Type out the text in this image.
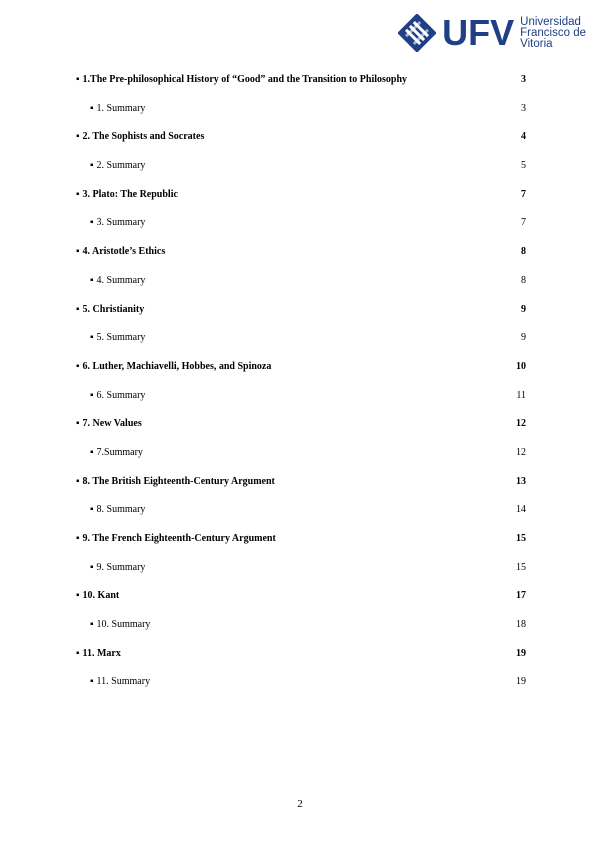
UFV Universidad
Francisco de
Vitoria
▪ 1.The Pre-philosophical History of “Good” and the Transition to Philosophy	3
▪ 1. Summary	3
▪ 2. The Sophists and Socrates	4
▪ 2. Summary	5
▪ 3. Plato: The Republic	7
▪ 3. Summary	7
▪ 4. Aristotle’s Ethics	8
▪ 4. Summary	8
▪ 5. Christianity	9
▪ 5. Summary	9
▪ 6. Luther, Machiavelli, Hobbes, and Spinoza	10
▪ 6. Summary	11
▪ 7. New Values	12
▪ 7.Summary	12
▪ 8. The British Eighteenth-Century Argument	13
▪ 8. Summary	14
▪ 9. The French Eighteenth-Century Argument	15
▪ 9. Summary	15
▪ 10. Kant	17
▪ 10. Summary	18
▪ 11. Marx	19
▪ 11. Summary	19
2
